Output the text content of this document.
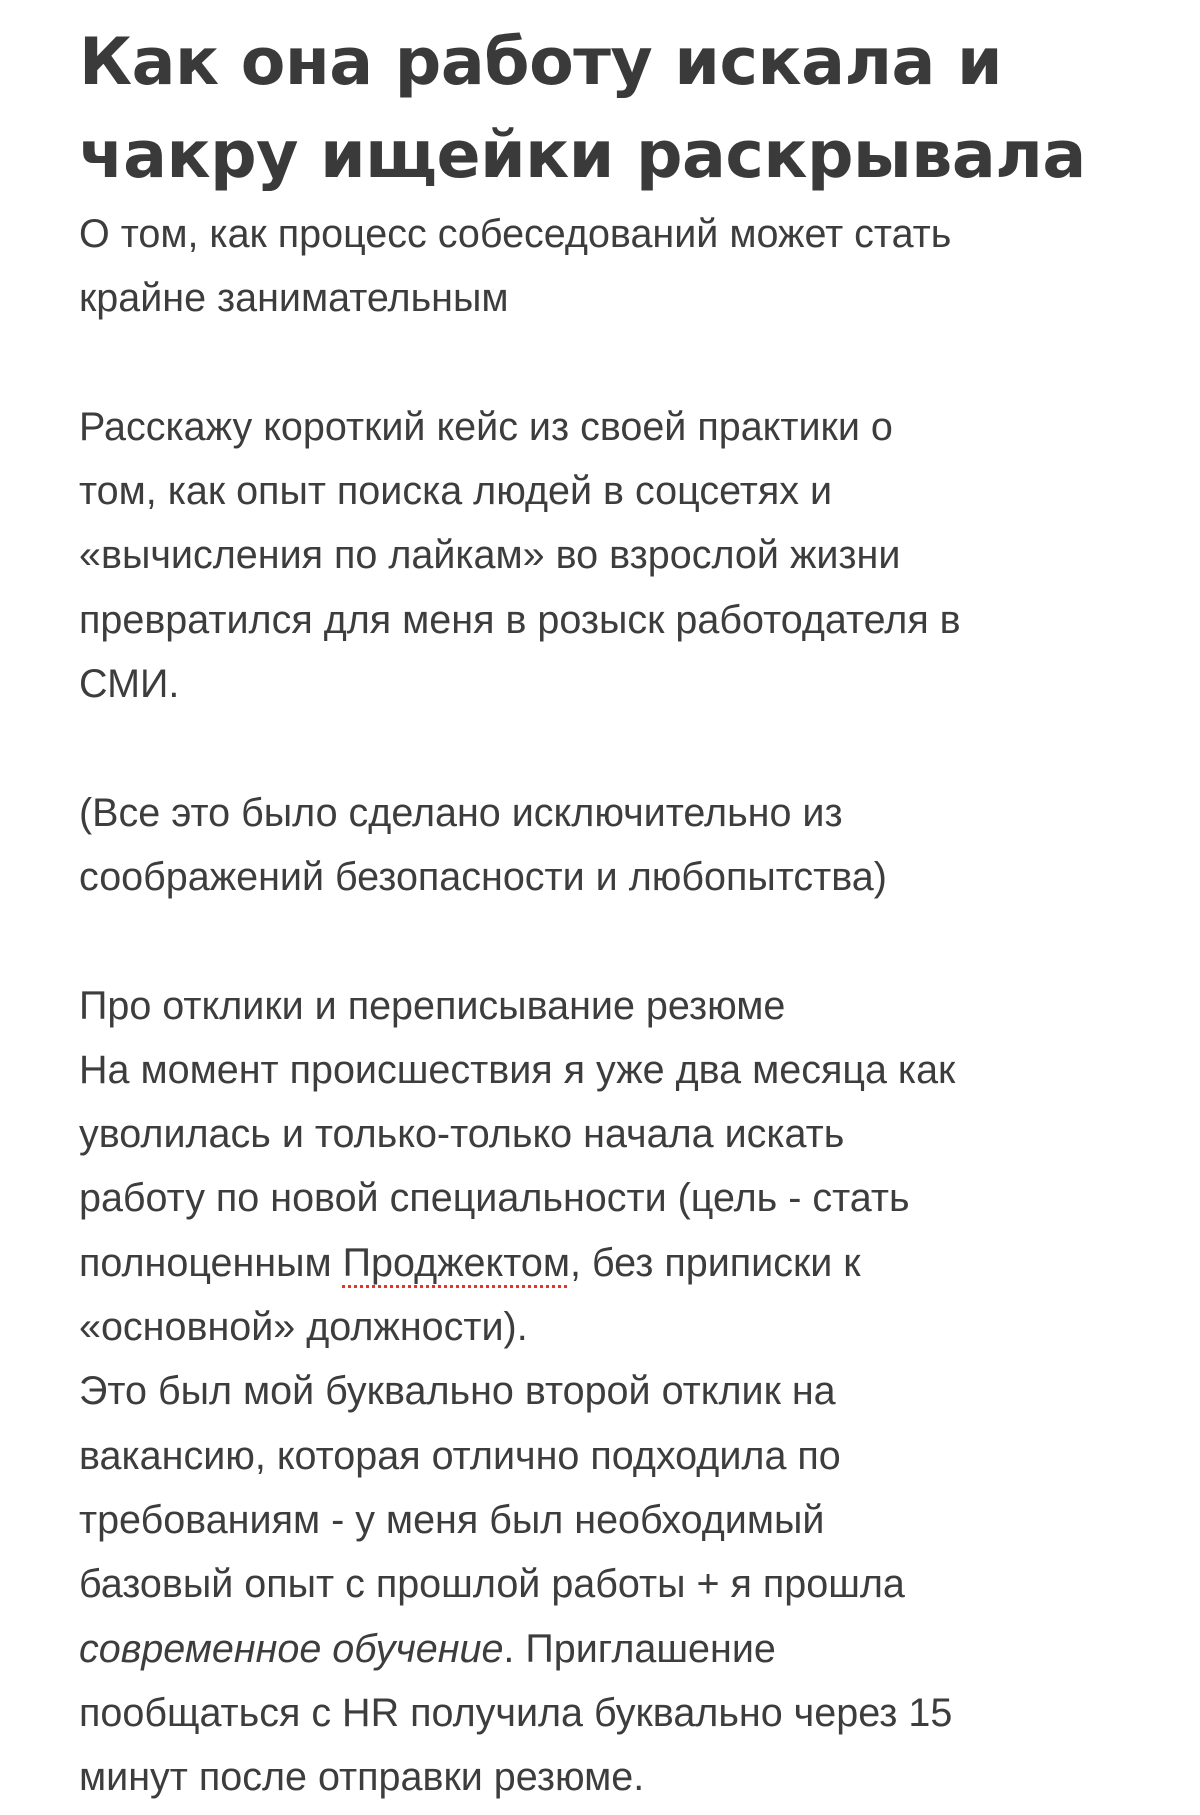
Как она работу искала и
чакру ищейки раскрывала
О том, как процесс собеседований может стать
крайне занимательным
Расскажу короткий кейс из своей практики о
том, как опыт поиска людей в соцсетях и
«вычисления по лайкам» во взрослой жизни
превратился для меня в розыск работодателя в
СМИ.
(Все это было сделано исключительно из
соображений безопасности и любопытства)
Про отклики и переписывание резюме
На момент происшествия я уже два месяца как
уволилась и только-только начала искать
работу по новой специальности (цель - стать
полноценным Проджектом, без приписки к
«основной» должности).
Это был мой буквально второй отклик на
вакансию, которая отлично подходила по
требованиям - у меня был необходимый
базовый опыт с прошлой работы + я прошла
современное обучение. Приглашение
пообщаться с HR получила буквально через 15
минут после отправки резюме.
